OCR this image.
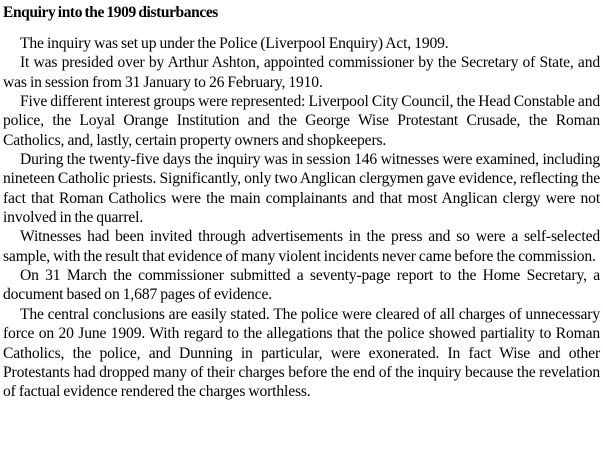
Enquiry into the 1909 disturbances

The inquiry was set up under the Police (Liverpool Enquiry) Act, 1909.

It was presided over by Arthur Ashton, appointed commissioner by the Secretary of State, and was in session from 31 January to 26 February, 1910.

Five different interest groups were represented: Liverpool City Council, the Head Constable and police, the Loyal Orange Institution and the George Wise Protestant Crusade, the Roman Catholics, and, lastly, certain property owners and shopkeepers.

During the twenty-five days the inquiry was in session 146 witnesses were examined, including nineteen Catholic priests. Significantly, only two Anglican clergymen gave evidence, reflecting the fact that Roman Catholics were the main complainants and that most Anglican clergy were not involved in the quarrel.

Witnesses had been invited through advertisements in the press and so were a self-selected sample, with the result that evidence of many violent incidents never came before the commission.

On 31 March the commissioner submitted a seventy-page report to the Home Secretary, a document based on 1,687 pages of evidence.

The central conclusions are easily stated. The police were cleared of all charges of unnecessary force on 20 June 1909. With regard to the allegations that the police showed partiality to Roman Catholics, the police, and Dunning in particular, were exonerated. In fact Wise and other Protestants had dropped many of their charges before the end of the inquiry because the revelation of factual evidence rendered the charges worthless.
